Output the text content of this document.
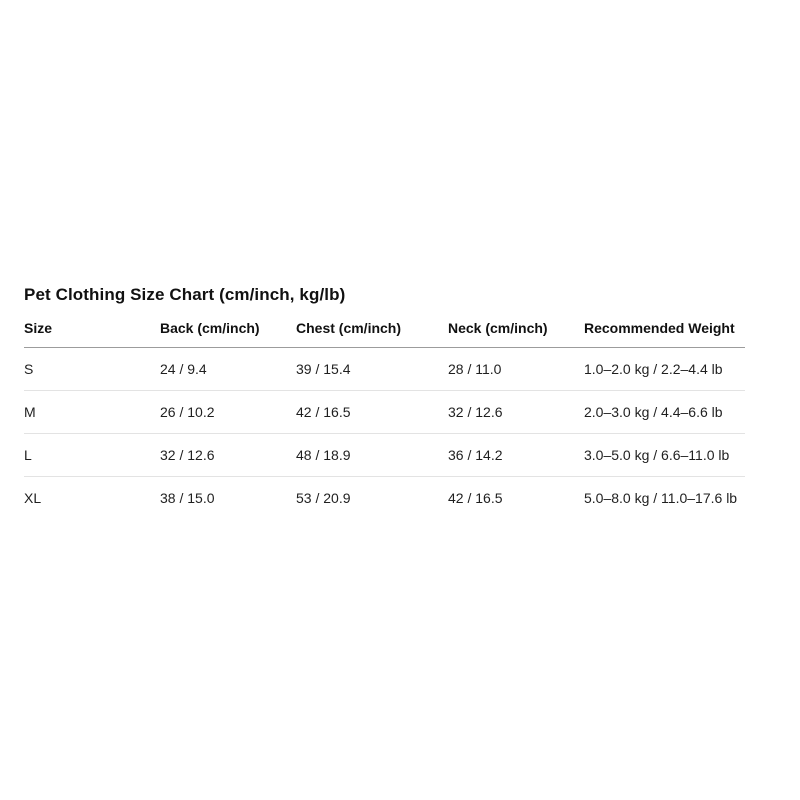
Pet Clothing Size Chart (cm/inch, kg/lb)
Size	Back (cm/inch)	Chest (cm/inch)	Neck (cm/inch)	Recommended Weight
S	24 / 9.4	39 / 15.4	28 / 11.0	1.0–2.0 kg / 2.2–4.4 lb
M	26 / 10.2	42 / 16.5	32 / 12.6	2.0–3.0 kg / 4.4–6.6 lb
L	32 / 12.6	48 / 18.9	36 / 14.2	3.0–5.0 kg / 6.6–11.0 lb
XL	38 / 15.0	53 / 20.9	42 / 16.5	5.0–8.0 kg / 11.0–17.6 lb
